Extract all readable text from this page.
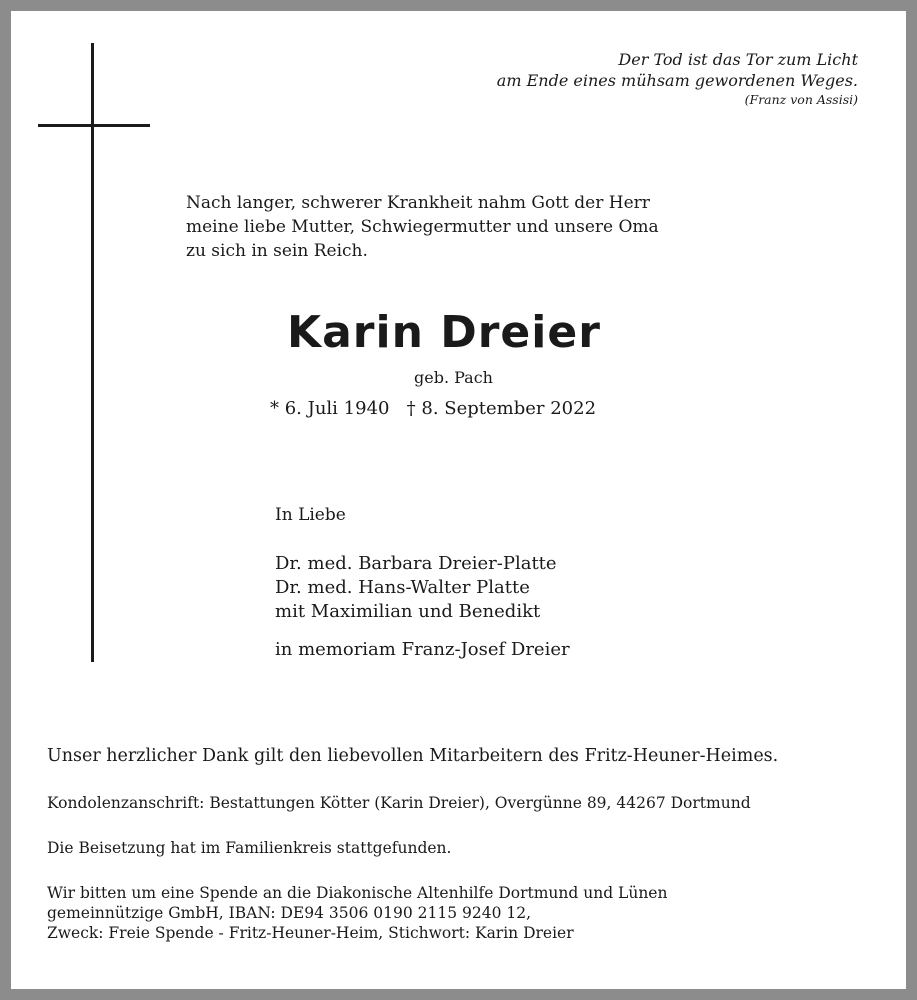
Der Tod ist das Tor zum Licht
am Ende eines mühsam gewordenen Weges.
(Franz von Assisi)
Nach langer, schwerer Krankheit nahm Gott der Herr
meine liebe Mutter, Schwiegermutter und unsere Oma
zu sich in sein Reich.
Karin Dreier
geb. Pach
* 6. Juli 1940 † 8. September 2022
In Liebe
Dr. med. Barbara Dreier-Platte
Dr. med. Hans-Walter Platte
mit Maximilian und Benedikt
in memoriam Franz-Josef Dreier
Unser herzlicher Dank gilt den liebevollen Mitarbeitern des Fritz-Heuner-Heimes.
Kondolenzanschrift: Bestattungen Kötter (Karin Dreier), Overgünne 89, 44267 Dortmund
Die Beisetzung hat im Familienkreis stattgefunden.
Wir bitten um eine Spende an die Diakonische Altenhilfe Dortmund und Lünen
gemeinnützige GmbH, IBAN: DE94 3506 0190 2115 9240 12,
Zweck: Freie Spende - Fritz-Heuner-Heim, Stichwort: Karin Dreier
